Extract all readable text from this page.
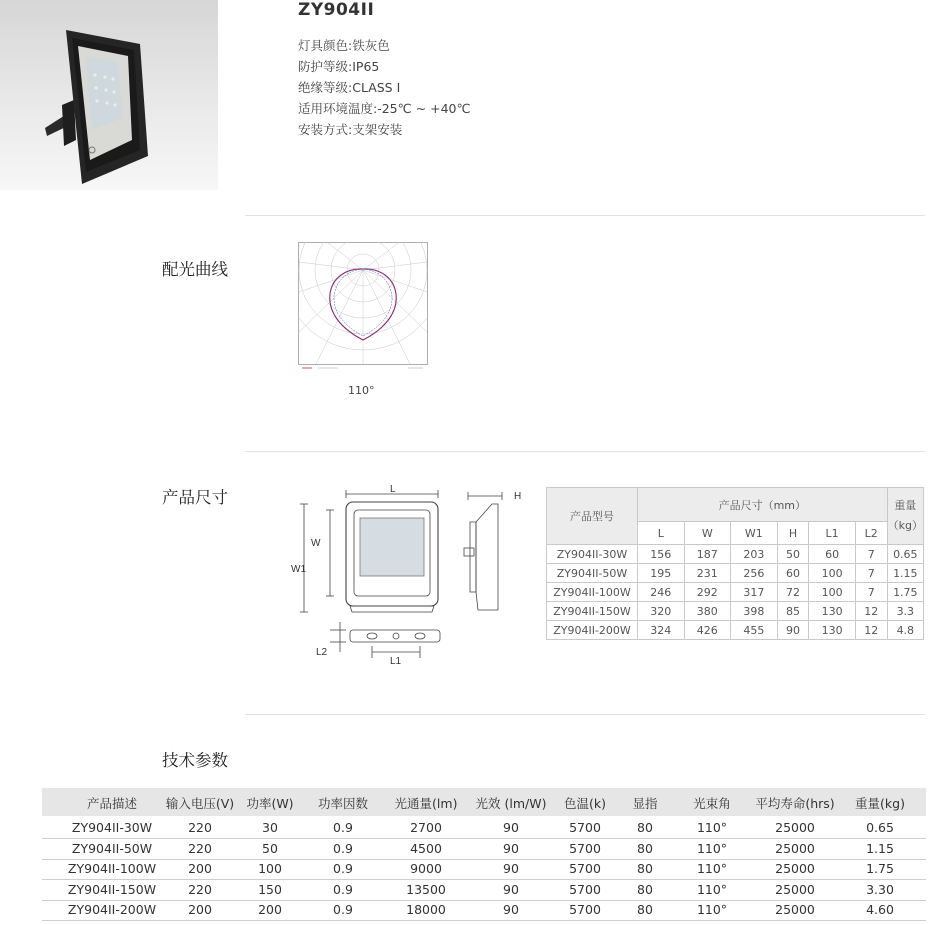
ZY904II
灯具颜色:铁灰色
防护等级:IP65
绝缘等级:CLASS Ⅰ
适用环境温度:-25℃ ~ +40℃
安装方式:支架安装
配光曲线
110°
产品尺寸	L
W
W1
H
L1
L2
产品型号	产品尺寸（mm）						重量
（kg）

	L	W	W1	H	L1	L2	
ZY904II-30W	156	187	203	50	60	7	0.65
ZY904II-50W	195	231	256	60	100	7	1.15
ZY904II-100W	246	292	317	72	100	7	1.75
ZY904II-150W	320	380	398	85	130	12	3.3
ZY904II-200W	324	426	455	90	130	12	4.8
技术参数
产品描述 输入电压(V) 功率(W) 功率因数 光通量(lm) 光效 (lm/W) 色温(k) 显指	光束角 平均寿命(hrs) 重量(kg)
ZY904II-30W	220	30	0.9	2700	90	5700	80	110°	25000	0.65
ZY904II-50W	220	50	0.9	4500	90	5700	80	110°	25000	1.15
ZY904II-100W	200	100	0.9	9000	90	5700	80	110°	25000	1.75
ZY904II-150W	220	150	0.9	13500	90	5700	80	110°	25000	3.30
ZY904II-200W	200	200	0.9	18000	90	5700	80	110°	25000	4.60
